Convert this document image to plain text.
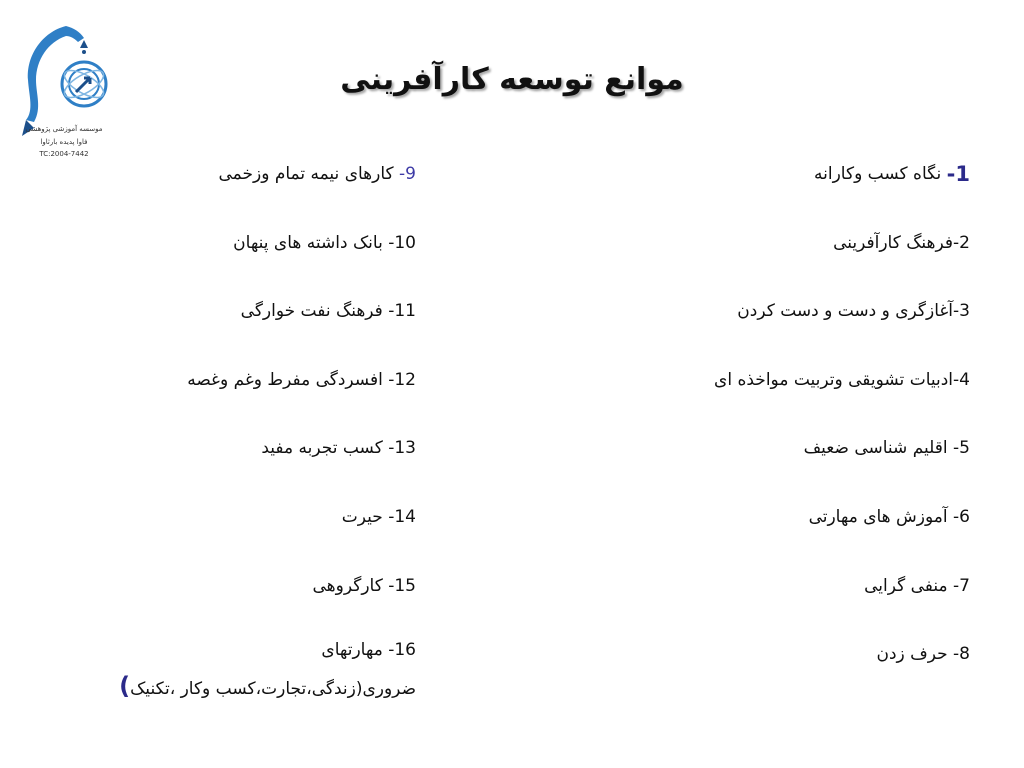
موسسه آموزشی پژوهشی
فاوا پدیده بارثاوا
TC:2004-7442
موانع توسعه کارآفرینی
1-

نگاه کسب وکارانه
2-فرهنگ کارآفرینی
3-آغازگری و دست و دست کردن
4-ادبیات تشویقی وتربیت مواخذه ای
5- اقلیم شناسی ضعیف
6- آموزش های مهارتی
7- منفی گرایی
8- حرف زدن
9-

کارهای نیمه تمام وزخمی
10- بانک داشته های پنهان
11- فرهنگ نفت خوارگی
12- افسردگی مفرط وغم وغصه
13- کسب تجربه مفید
14- حیرت
15- کارگروهی
16- مهارتهای ضروری(زندگی،تجارت،کسب وکار ،تکنیک)
